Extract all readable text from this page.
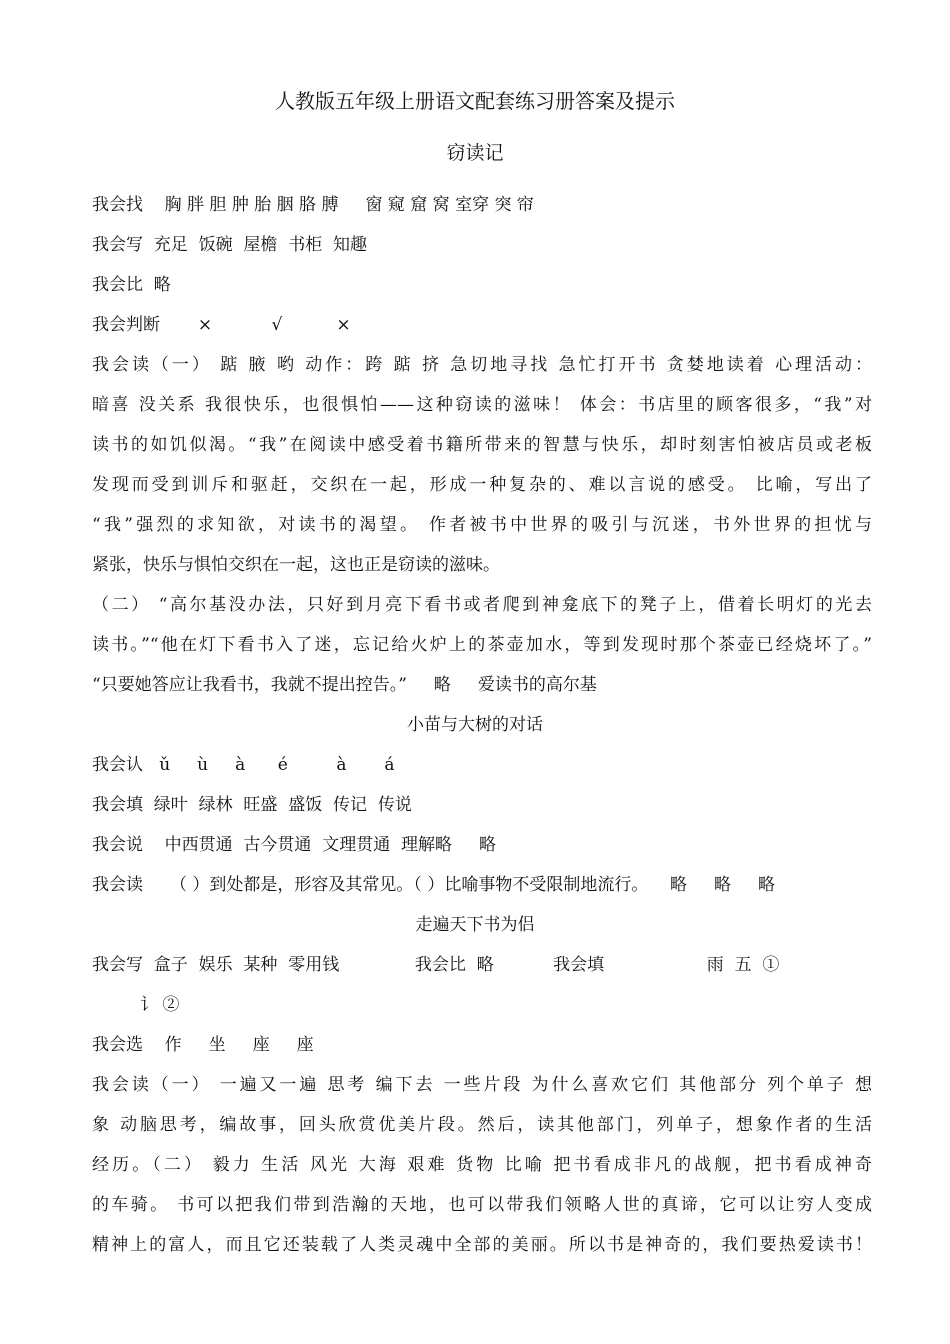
人教版五年级上册语文配套练习册答案及提示
窃读记
我会找    胸 胖 胆 肿 胎 胭 胳 膊     窗 窥 窟 窝 室穿 突 帘
我会写  充足  饭碗  屋檐  书柜  知趣
我会比  略
我会判断       ×           √          ×
我会读（一） 踮 腋 哟 动作：跨 踮 挤 急切地寻找 急忙打开书 贪婪地读着 心理活动：
暗喜 没关系 我很快乐，也很惧怕——这种窃读的滋味！ 体会：书店里的顾客很多，“我”对
读书的如饥似渴。“我”在阅读中感受着书籍所带来的智慧与快乐，却时刻害怕被店员或老板
发现而受到训斥和驱赶，交织在一起，形成一种复杂的、难以言说的感受。 比喻，写出了
“我”强烈的求知欲，对读书的渴望。 作者被书中世界的吸引与沉迷，书外世界的担忧与
紧张，快乐与惧怕交织在一起，这也正是窃读的滋味。
（二） “高尔基没办法，只好到月亮下看书或者爬到神龛底下的凳子上，借着长明灯的光去
读书。”“他在灯下看书入了迷，忘记给火炉上的茶壶加水，等到发现时那个茶壶已经烧坏了。”
“只要她答应让我看书，我就不提出控告。”     略     爱读书的高尔基
小苗与大树的对话
我会认   ǔ     ù     à      é         à       á
我会填  绿叶  绿林  旺盛  盛饭  传记  传说
我会说    中西贯通  古今贯通  文理贯通  理解略     略
我会读     （ ）到处都是，形容及其常见。（ ）比喻事物不受限制地流行。    略     略     略
走遍天下书为侣
我会写  盒子  娱乐  某种  零用钱              我会比  略           我会填                   雨  五  ①
讠 ②
我会选    作     坐     座     座
我会读（一） 一遍又一遍 思考 编下去 一些片段 为什么喜欢它们 其他部分 列个单子 想
象 动脑思考，编故事，回头欣赏优美片段。然后，读其他部门，列单子，想象作者的生活
经历。（二） 毅力 生活 风光 大海 艰难 货物 比喻 把书看成非凡的战舰，把书看成神奇
的车骑。 书可以把我们带到浩瀚的天地，也可以带我们领略人世的真谛，它可以让穷人变成
精神上的富人，而且它还装载了人类灵魂中全部的美丽。所以书是神奇的，我们要热爱读书！
